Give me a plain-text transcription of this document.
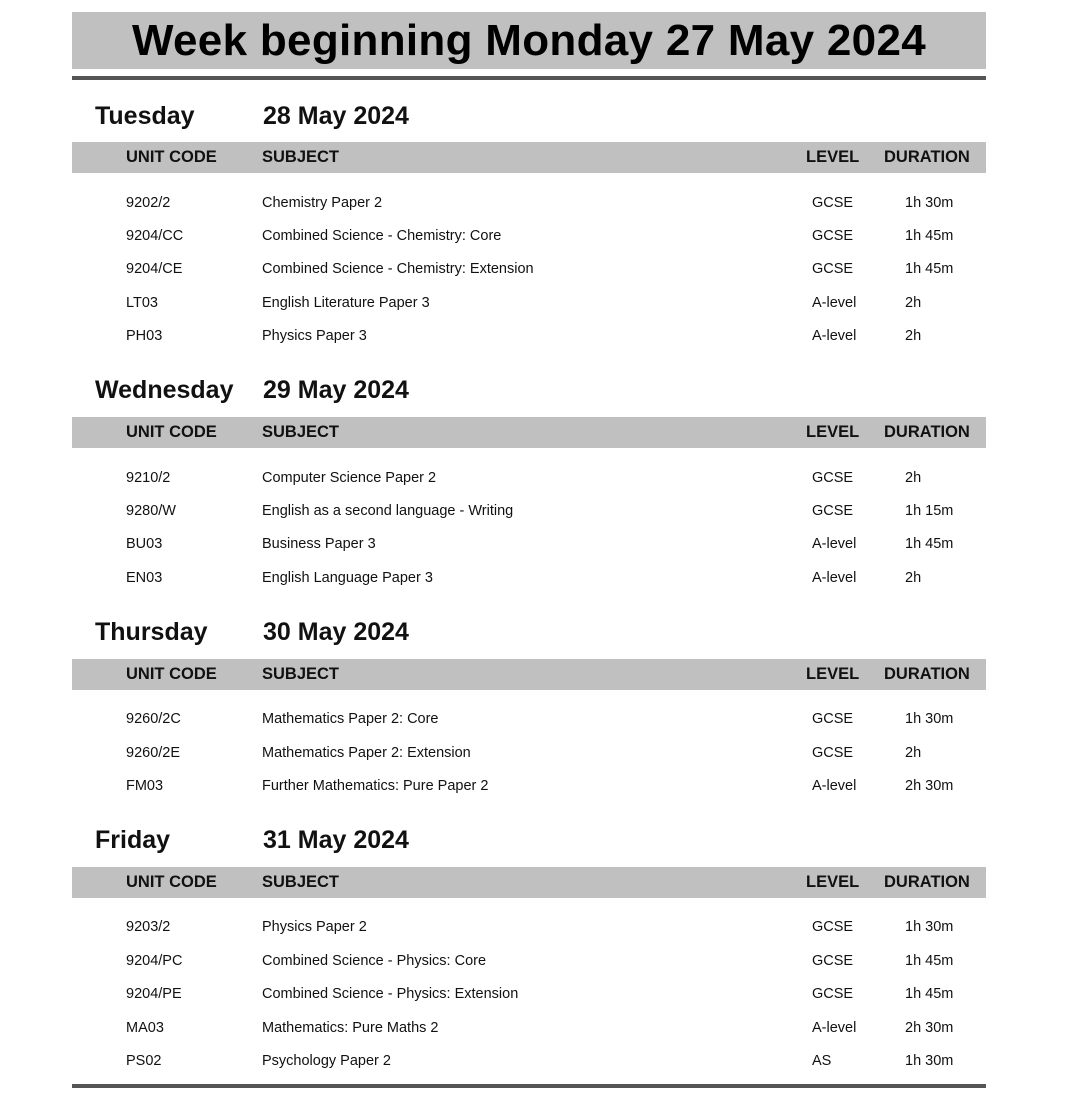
Week beginning Monday 27 May 2024
Tuesday	28 May 2024
UNIT CODE	SUBJECT	LEVEL	DURATION
9202/2	Chemistry Paper 2	GCSE	1h 30m
9204/CC	Combined Science - Chemistry: Core	GCSE	1h 45m
9204/CE	Combined Science - Chemistry: Extension	GCSE	1h 45m
LT03	English Literature Paper 3	A-level	2h
PH03	Physics Paper 3	A-level	2h
Wednesday	29 May 2024
UNIT CODE	SUBJECT	LEVEL	DURATION
9210/2	Computer Science Paper 2	GCSE	2h
9280/W	English as a second language - Writing	GCSE	1h 15m
BU03	Business Paper 3	A-level	1h 45m
EN03	English Language Paper 3	A-level	2h
Thursday	30 May 2024
UNIT CODE	SUBJECT	LEVEL	DURATION
9260/2C	Mathematics Paper 2: Core	GCSE	1h 30m
9260/2E	Mathematics Paper 2: Extension	GCSE	2h
FM03	Further Mathematics: Pure Paper 2	A-level	2h 30m
Friday	31 May 2024
UNIT CODE	SUBJECT	LEVEL	DURATION
9203/2	Physics Paper 2	GCSE	1h 30m
9204/PC	Combined Science - Physics: Core	GCSE	1h 45m
9204/PE	Combined Science - Physics: Extension	GCSE	1h 45m
MA03	Mathematics: Pure Maths 2	A-level	2h 30m
PS02	Psychology Paper 2	AS	1h 30m
